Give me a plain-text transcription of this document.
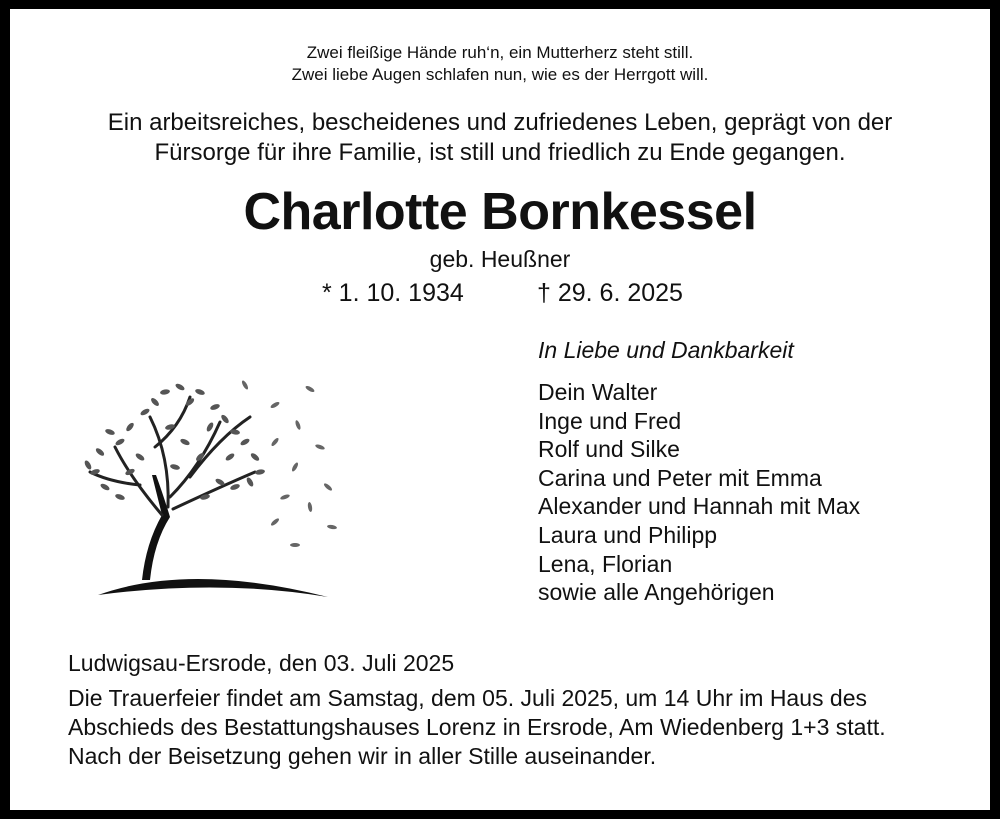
Zwei fleißige Hände ruh‘n, ein Mutterherz steht still.
Zwei liebe Augen schlafen nun, wie es der Herrgott will.
Ein arbeitsreiches, bescheidenes und zufriedenes Leben, geprägt von der
Fürsorge für ihre Familie, ist still und friedlich zu Ende gegangen.
Charlotte Bornkessel
geb. Heußner
* 1. 10. 1934	† 29. 6. 2025
In Liebe und Dankbarkeit
Dein Walter
Inge und Fred
Rolf und Silke
Carina und Peter mit Emma
Alexander und Hannah mit Max
Laura und Philipp
Lena, Florian
sowie alle Angehörigen
Ludwigsau-Ersrode, den 03. Juli 2025
Die Trauerfeier findet am Samstag, dem 05. Juli 2025, um 14 Uhr im Haus des
Abschieds des Bestattungshauses Lorenz in Ersrode, Am Wiedenberg 1+3 statt.
Nach der Beisetzung gehen wir in aller Stille auseinander.
